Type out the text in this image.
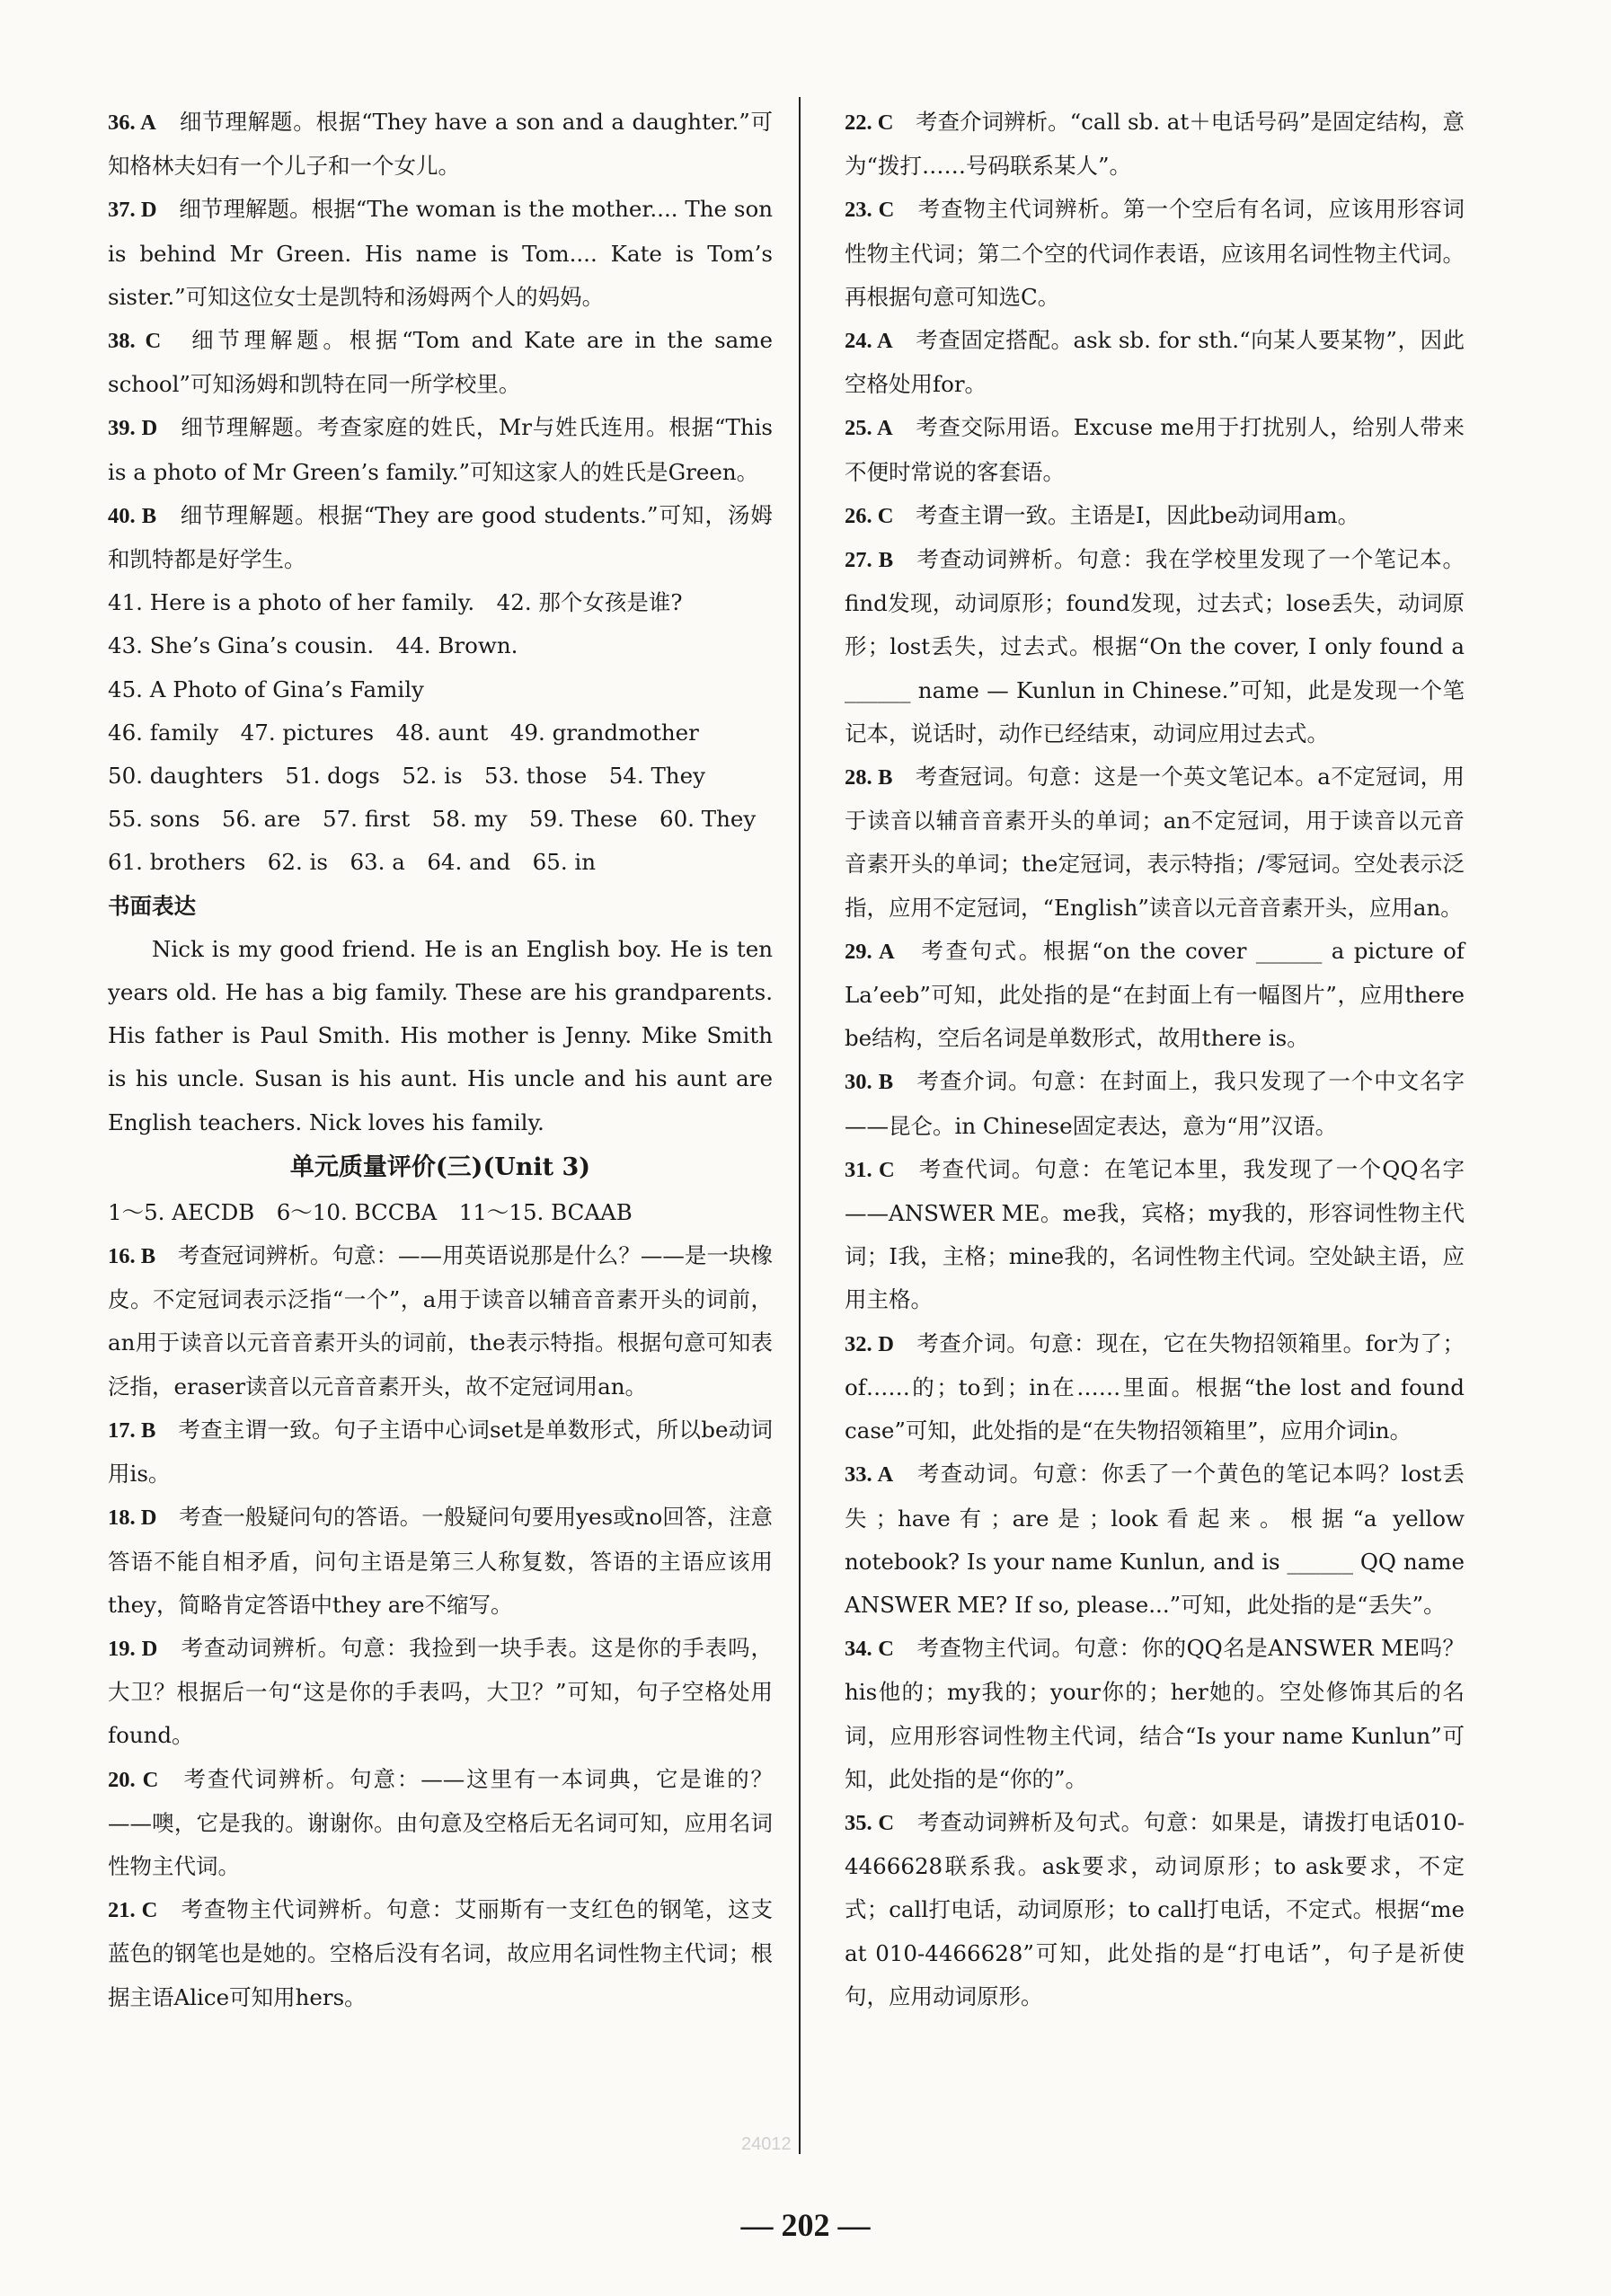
36. A　 细节理解题。根据“They have a son and a daughter.”可知格林夫妇有一个儿子和一个女儿。

37. D　 细节理解题。根据“The woman is the mother.... The son is behind Mr Green. His name is Tom.... Kate is Tom’s sister.”可知这位女士是凯特和汤姆两个人的妈妈。

38. C　 细节理解题。根据“Tom and Kate are in the same school”可知汤姆和凯特在同一所学校里。

39. D　 细节理解题。考查家庭的姓氏，Mr与姓氏连用。根据“This is a photo of Mr Green’s family.”可知这家人的姓氏是Green。

40. B　 细节理解题。根据“They are good students.”可知，汤姆和凯特都是好学生。

41. Here is a photo of her family.　42. 那个女孩是谁?

43. She’s Gina’s cousin.　44. Brown.

45. A Photo of Gina’s Family

46. family　47. pictures　48. aunt　49. grandmother

50. daughters　51. dogs　52. is　53. those　54. They

55. sons　56. are　57. first　58. my　59. These　60. They

61. brothers　62. is　63. a　64. and　65. in

书面表达

Nick is my good friend. He is an English boy. He is ten years old. He has a big family. These are his grandparents. His father is Paul Smith. His mother is Jenny. Mike Smith is his uncle. Susan is his aunt. His uncle and his aunt are English teachers. Nick loves his family.

单元质量评价(三)(Unit 3)

1～5. AECDB　6～10. BCCBA　11～15. BCAAB

16. B　 考查冠词辨析。句意：——用英语说那是什么？——是一块橡皮。不定冠词表示泛指“一个”，a用于读音以辅音音素开头的词前，an用于读音以元音音素开头的词前，the表示特指。根据句意可知表泛指，eraser读音以元音音素开头，故不定冠词用an。

17. B　 考查主谓一致。句子主语中心词set是单数形式，所以be动词用is。

18. D　 考查一般疑问句的答语。一般疑问句要用yes或no回答，注意答语不能自相矛盾，问句主语是第三人称复数，答语的主语应该用they，简略肯定答语中they are不缩写。

19. D　 考查动词辨析。句意：我捡到一块手表。这是你的手表吗，大卫？根据后一句“这是你的手表吗，大卫？”可知，句子空格处用found。

20. C　 考查代词辨析。句意：——这里有一本词典，它是谁的？——噢，它是我的。谢谢你。由句意及空格后无名词可知，应用名词性物主代词。

21. C　 考查物主代词辨析。句意：艾丽斯有一支红色的钢笔，这支蓝色的钢笔也是她的。空格后没有名词，故应用名词性物主代词；根据主语Alice可知用hers。

22. C　 考查介词辨析。“call sb. at＋电话号码”是固定结构，意为“拨打……号码联系某人”。

23. C　 考查物主代词辨析。第一个空后有名词，应该用形容词性物主代词；第二个空的代词作表语，应该用名词性物主代词。再根据句意可知选C。

24. A　 考查固定搭配。ask sb. for sth.“向某人要某物”，因此空格处用for。

25. A　 考查交际用语。Excuse me用于打扰别人，给别人带来不便时常说的客套语。

26. C　 考查主谓一致。主语是I，因此be动词用am。

27. B　 考查动词辨析。句意：我在学校里发现了一个笔记本。find发现，动词原形；found发现，过去式；lose丢失，动词原形；lost丢失，过去式。根据“On the cover, I only found a ______ name — Kunlun in Chinese.”可知，此是发现一个笔记本，说话时，动作已经结束，动词应用过去式。

28. B　 考查冠词。句意：这是一个英文笔记本。a不定冠词，用于读音以辅音音素开头的单词；an不定冠词，用于读音以元音音素开头的单词；the定冠词，表示特指；/零冠词。空处表示泛指，应用不定冠词，“English”读音以元音音素开头，应用an。

29. A　 考查句式。根据“on the cover ______ a picture of La’eeb”可知，此处指的是“在封面上有一幅图片”，应用there be结构，空后名词是单数形式，故用there is。

30. B　 考查介词。句意：在封面上，我只发现了一个中文名字——昆仑。in Chinese固定表达，意为“用”汉语。

31. C　 考查代词。句意：在笔记本里，我发现了一个QQ名字——ANSWER ME。me我，宾格；my我的，形容词性物主代词；I我，主格；mine我的，名词性物主代词。空处缺主语，应用主格。

32. D　 考查介词。句意：现在，它在失物招领箱里。for为了；of……的；to到；in在……里面。根据“the lost and found case”可知，此处指的是“在失物招领箱里”，应用介词in。

33. A　 考查动词。句意：你丢了一个黄色的笔记本吗？lost丢失；have有；are是；look看起来。根据“a yellow notebook? Is your name Kunlun, and is ______ QQ name ANSWER ME? If so, please...”可知，此处指的是“丢失”。

34. C　 考查物主代词。句意：你的QQ名是ANSWER ME吗？his他的；my我的；your你的；her她的。空处修饰其后的名词，应用形容词性物主代词，结合“Is your name Kunlun”可知，此处指的是“你的”。

35. C　 考查动词辨析及句式。句意：如果是，请拨打电话010-4466628联系我。ask要求，动词原形；to ask要求，不定式；call打电话，动词原形；to call打电话，不定式。根据“me at 010-4466628”可知，此处指的是“打电话”，句子是祈使句，应用动词原形。

24012
— 202 —
